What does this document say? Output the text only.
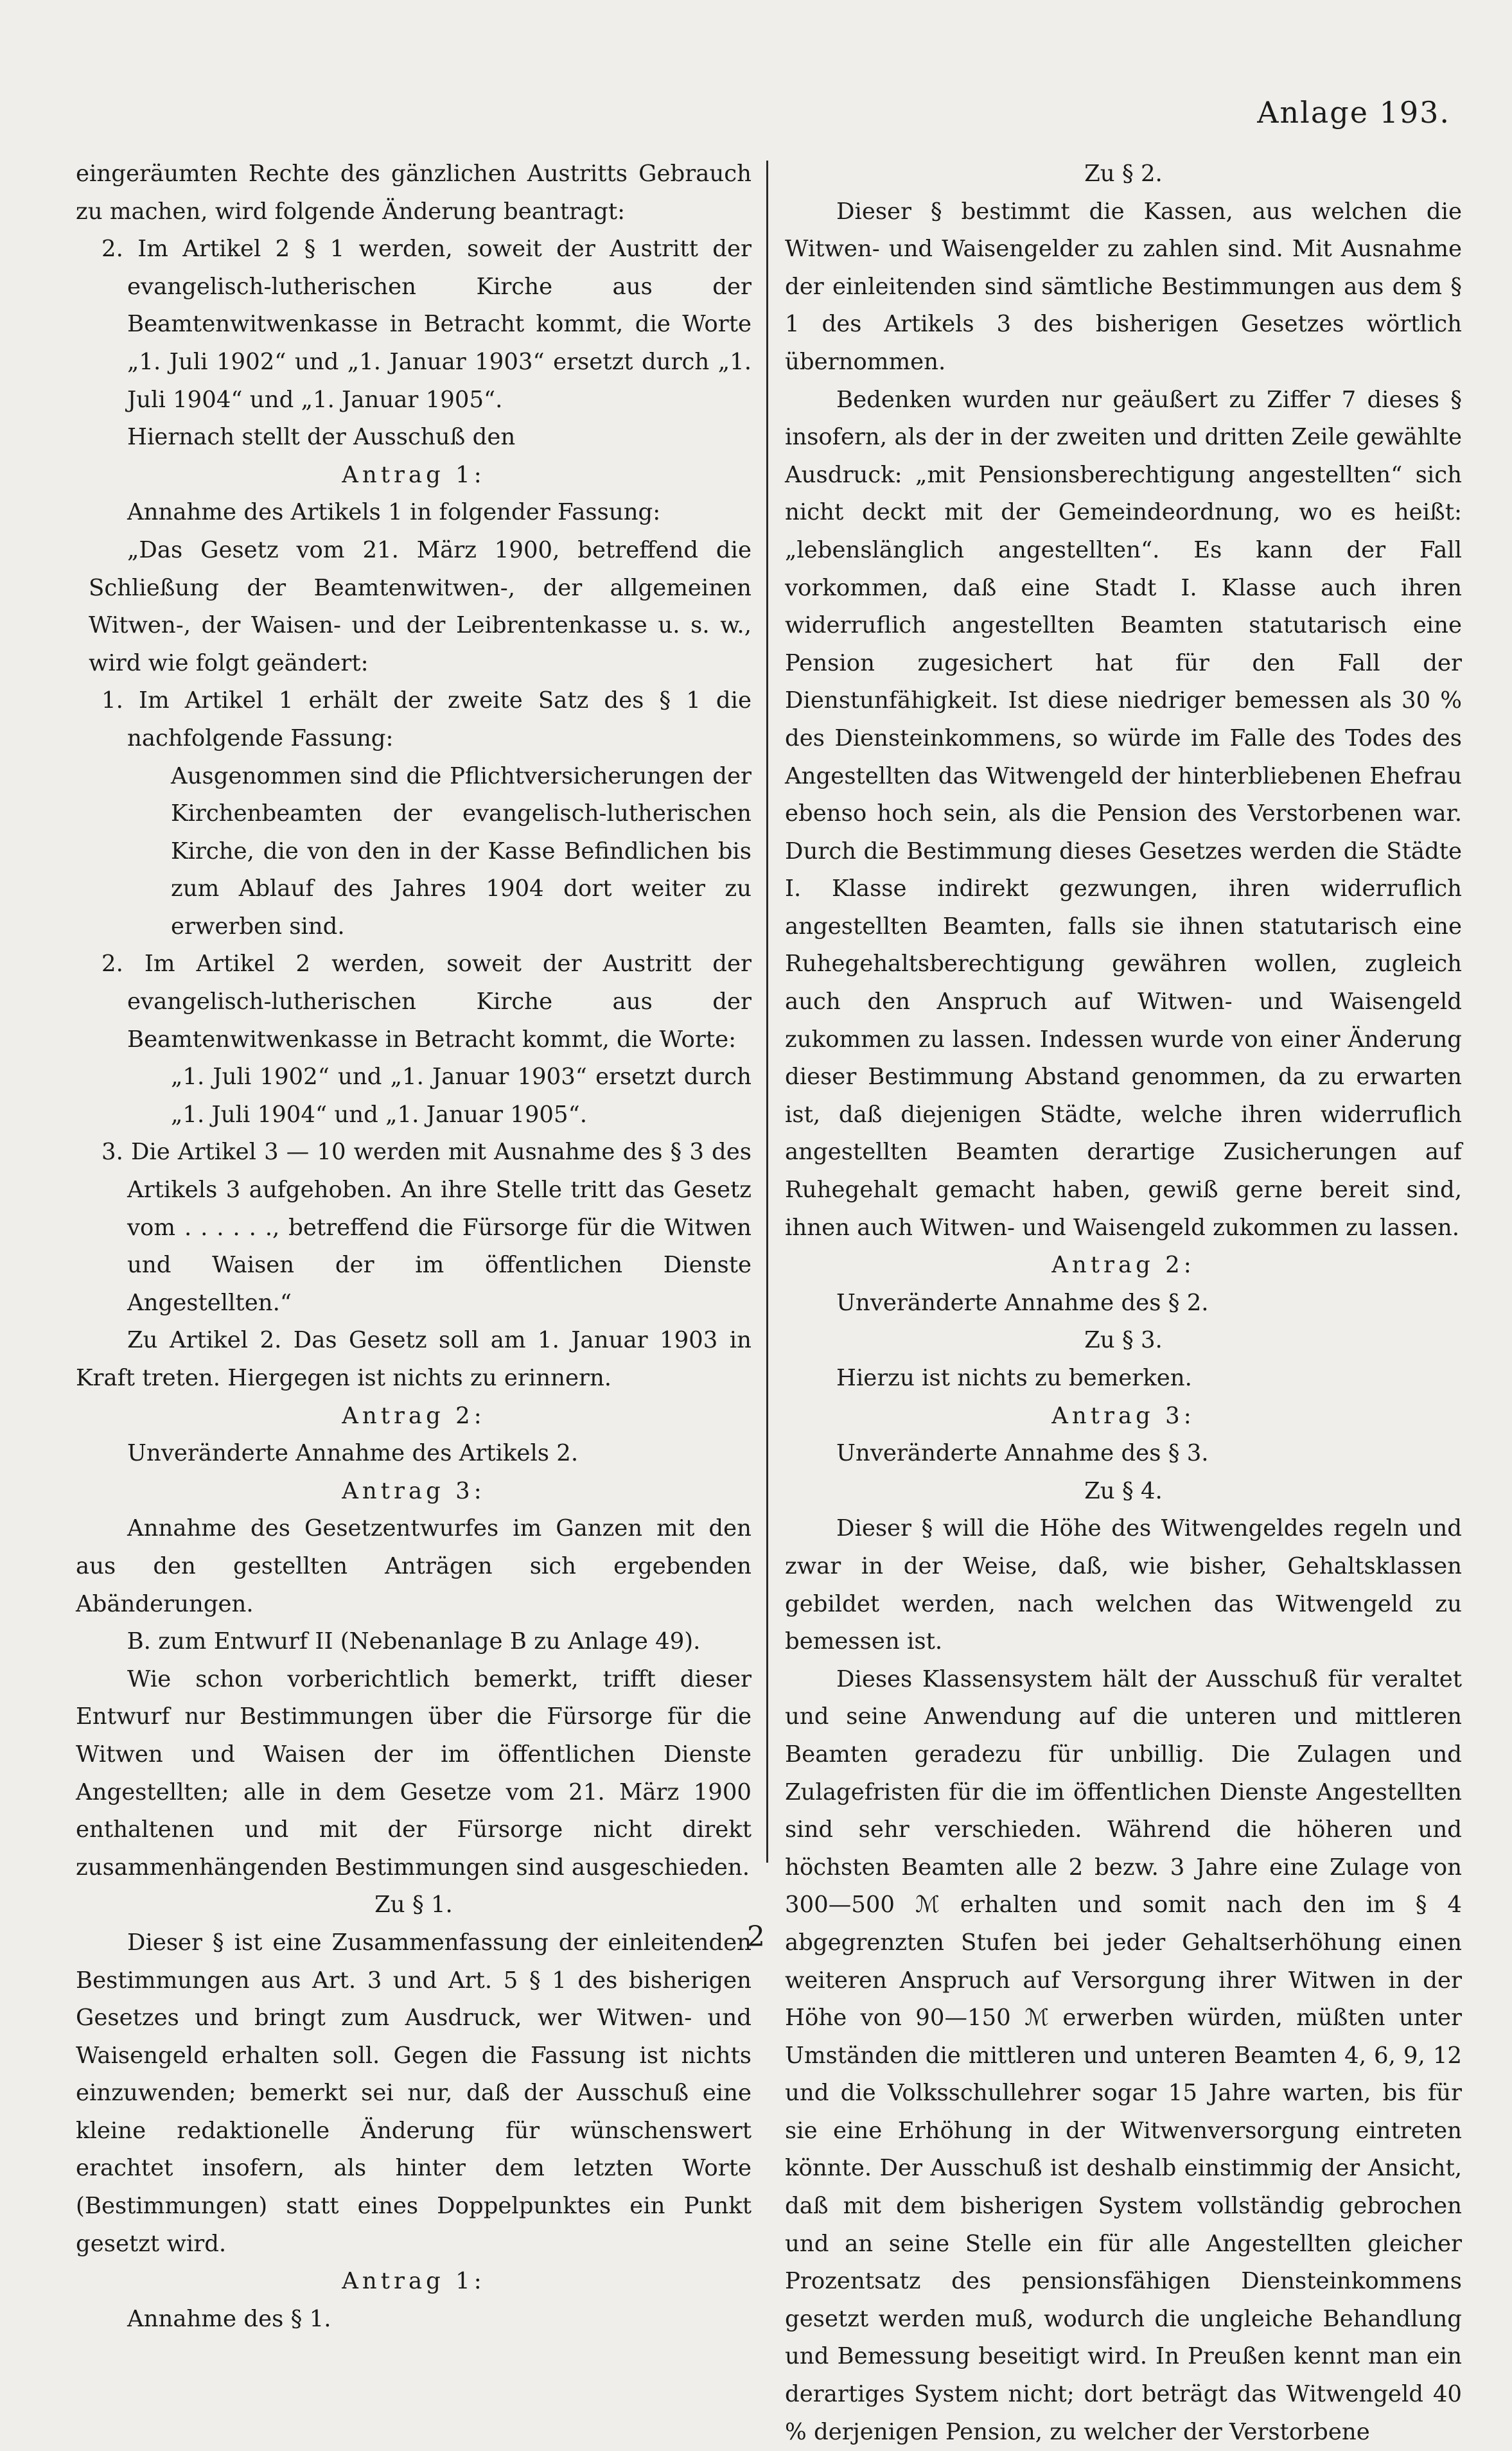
Anlage 193.

eingeräumten Rechte des gänzlichen Austritts Gebrauch zu machen, wird folgende Änderung beantragt:

2. Im Artikel 2 § 1 werden, soweit der Austritt der evangelisch-lutherischen Kirche aus der Beamtenwitwenkasse in Betracht kommt, die Worte „1. Juli 1902“ und „1. Januar 1903“ ersetzt durch „1. Juli 1904“ und „1. Januar 1905“.

Hiernach stellt der Ausschuß den

Antrag 1:

Annahme des Artikels 1 in folgender Fassung:

„Das Gesetz vom 21. März 1900, betreffend die Schließung der Beamtenwitwen-, der allgemeinen Witwen-, der Waisen- und der Leibrentenkasse u. s. w., wird wie folgt geändert:

1. Im Artikel 1 erhält der zweite Satz des § 1 die nachfolgende Fassung:

Ausgenommen sind die Pflichtversicherungen der Kirchenbeamten der evangelisch-lutherischen Kirche, die von den in der Kasse Befindlichen bis zum Ablauf des Jahres 1904 dort weiter zu erwerben sind.

2. Im Artikel 2 werden, soweit der Austritt der evangelisch-lutherischen Kirche aus der Beamtenwitwenkasse in Betracht kommt, die Worte:

„1. Juli 1902“ und „1. Januar 1903“ ersetzt durch „1. Juli 1904“ und „1. Januar 1905“.

3. Die Artikel 3 — 10 werden mit Ausnahme des § 3 des Artikels 3 aufgehoben. An ihre Stelle tritt das Gesetz vom . . . . . ., betreffend die Fürsorge für die Witwen und Waisen der im öffentlichen Dienste Angestellten.“

Zu Artikel 2. Das Gesetz soll am 1. Januar 1903 in Kraft treten. Hiergegen ist nichts zu erinnern.

Antrag 2:

Unveränderte Annahme des Artikels 2.

Antrag 3:

Annahme des Gesetzentwurfes im Ganzen mit den aus den gestellten Anträgen sich ergebenden Abänderungen.

B. zum Entwurf II (Nebenanlage B zu Anlage 49).

Wie schon vorberichtlich bemerkt, trifft dieser Entwurf nur Bestimmungen über die Fürsorge für die Witwen und Waisen der im öffentlichen Dienste Angestellten; alle in dem Gesetze vom 21. März 1900 enthaltenen und mit der Fürsorge nicht direkt zusammenhängenden Bestimmungen sind ausgeschieden.

Zu § 1.

Dieser § ist eine Zusammenfassung der einleitenden Bestimmungen aus Art. 3 und Art. 5 § 1 des bisherigen Gesetzes und bringt zum Ausdruck, wer Witwen- und Waisengeld erhalten soll. Gegen die Fassung ist nichts einzuwenden; bemerkt sei nur, daß der Ausschuß eine kleine redaktionelle Änderung für wünschenswert erachtet insofern, als hinter dem letzten Worte (Bestimmungen) statt eines Doppelpunktes ein Punkt gesetzt wird.

Antrag 1:

Annahme des § 1.

Zu § 2.

Dieser § bestimmt die Kassen, aus welchen die Witwen- und Waisengelder zu zahlen sind. Mit Ausnahme der einleitenden sind sämtliche Bestimmungen aus dem § 1 des Artikels 3 des bisherigen Gesetzes wörtlich übernommen.

Bedenken wurden nur geäußert zu Ziffer 7 dieses § insofern, als der in der zweiten und dritten Zeile gewählte Ausdruck: „mit Pensionsberechtigung angestellten“ sich nicht deckt mit der Gemeindeordnung, wo es heißt: „lebenslänglich angestellten“. Es kann der Fall vorkommen, daß eine Stadt I. Klasse auch ihren widerruflich angestellten Beamten statutarisch eine Pension zugesichert hat für den Fall der Dienstunfähigkeit. Ist diese niedriger bemessen als 30 % des Diensteinkommens, so würde im Falle des Todes des Angestellten das Witwengeld der hinterbliebenen Ehefrau ebenso hoch sein, als die Pension des Verstorbenen war. Durch die Bestimmung dieses Gesetzes werden die Städte I. Klasse indirekt gezwungen, ihren widerruflich angestellten Beamten, falls sie ihnen statutarisch eine Ruhegehaltsberechtigung gewähren wollen, zugleich auch den Anspruch auf Witwen- und Waisengeld zukommen zu lassen. Indessen wurde von einer Änderung dieser Bestimmung Abstand genommen, da zu erwarten ist, daß diejenigen Städte, welche ihren widerruflich angestellten Beamten derartige Zusicherungen auf Ruhegehalt gemacht haben, gewiß gerne bereit sind, ihnen auch Witwen- und Waisengeld zukommen zu lassen.

Antrag 2:

Unveränderte Annahme des § 2.

Zu § 3.

Hierzu ist nichts zu bemerken.

Antrag 3:

Unveränderte Annahme des § 3.

Zu § 4.

Dieser § will die Höhe des Witwengeldes regeln und zwar in der Weise, daß, wie bisher, Gehaltsklassen gebildet werden, nach welchen das Witwengeld zu bemessen ist.

Dieses Klassensystem hält der Ausschuß für veraltet und seine Anwendung auf die unteren und mittleren Beamten geradezu für unbillig. Die Zulagen und Zulagefristen für die im öffentlichen Dienste Angestellten sind sehr verschieden. Während die höheren und höchsten Beamten alle 2 bezw. 3 Jahre eine Zulage von 300—500 ℳ erhalten und somit nach den im § 4 abgegrenzten Stufen bei jeder Gehaltserhöhung einen weiteren Anspruch auf Versorgung ihrer Witwen in der Höhe von 90—150 ℳ erwerben würden, müßten unter Umständen die mittleren und unteren Beamten 4, 6, 9, 12 und die Volksschullehrer sogar 15 Jahre warten, bis für sie eine Erhöhung in der Witwenversorgung eintreten könnte. Der Ausschuß ist deshalb einstimmig der Ansicht, daß mit dem bisherigen System vollständig gebrochen und an seine Stelle ein für alle Angestellten gleicher Prozentsatz des pensionsfähigen Diensteinkommens gesetzt werden muß, wodurch die ungleiche Behandlung und Bemessung beseitigt wird. In Preußen kennt man ein derartiges System nicht; dort beträgt das Witwengeld 40 % derjenigen Pension, zu welcher der Verstorbene

2
